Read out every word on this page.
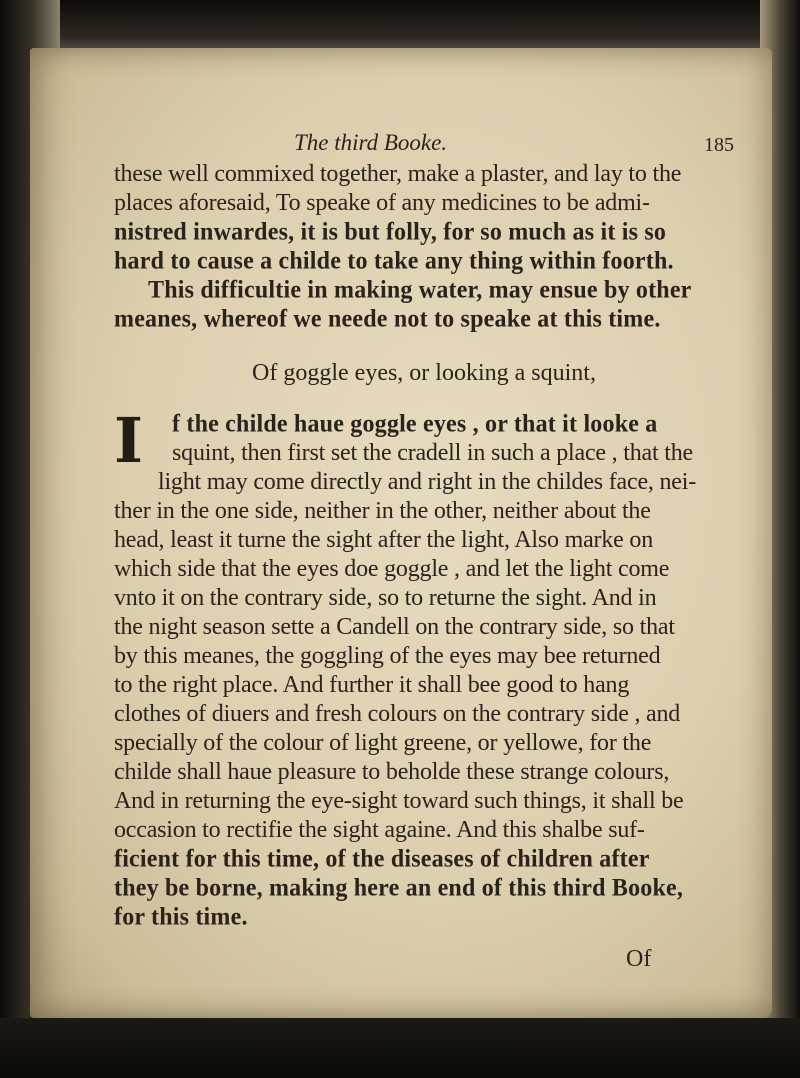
The third Booke.	185
these well commixed together, make a plaster, and lay to the
places aforesaid, To speake of any medicines to be admi-
nistred inwardes, it is but folly, for so much as it is so
hard to cause a childe to take any thing within foorth.
This difficultie in making water, may ensue by other
meanes, whereof we neede not to speake at this time.
Of goggle eyes, or looking a squint,
I	f the childe haue goggle eyes , or that it looke a
squint, then first set the cradell in such a place , that the
light may come directly and right in the childes face, nei-
ther in the one side, neither in the other, neither about the
head, least it turne the sight after the light, Also marke on
which side that the eyes doe goggle , and let the light come
vnto it on the contrary side, so to returne the sight. And in
the night season sette a Candell on the contrary side, so that
by this meanes, the goggling of the eyes may bee returned
to the right place. And further it shall bee good to hang
clothes of diuers and fresh colours on the contrary side , and
specially of the colour of light greene, or yellowe, for the
childe shall haue pleasure to beholde these strange colours,
And in returning the eye-sight toward such things, it shall be
occasion to rectifie the sight againe. And this shalbe suf-
ficient for this time, of the diseases of children after
they be borne, making here an end of this third Booke,
for this time.
Of
